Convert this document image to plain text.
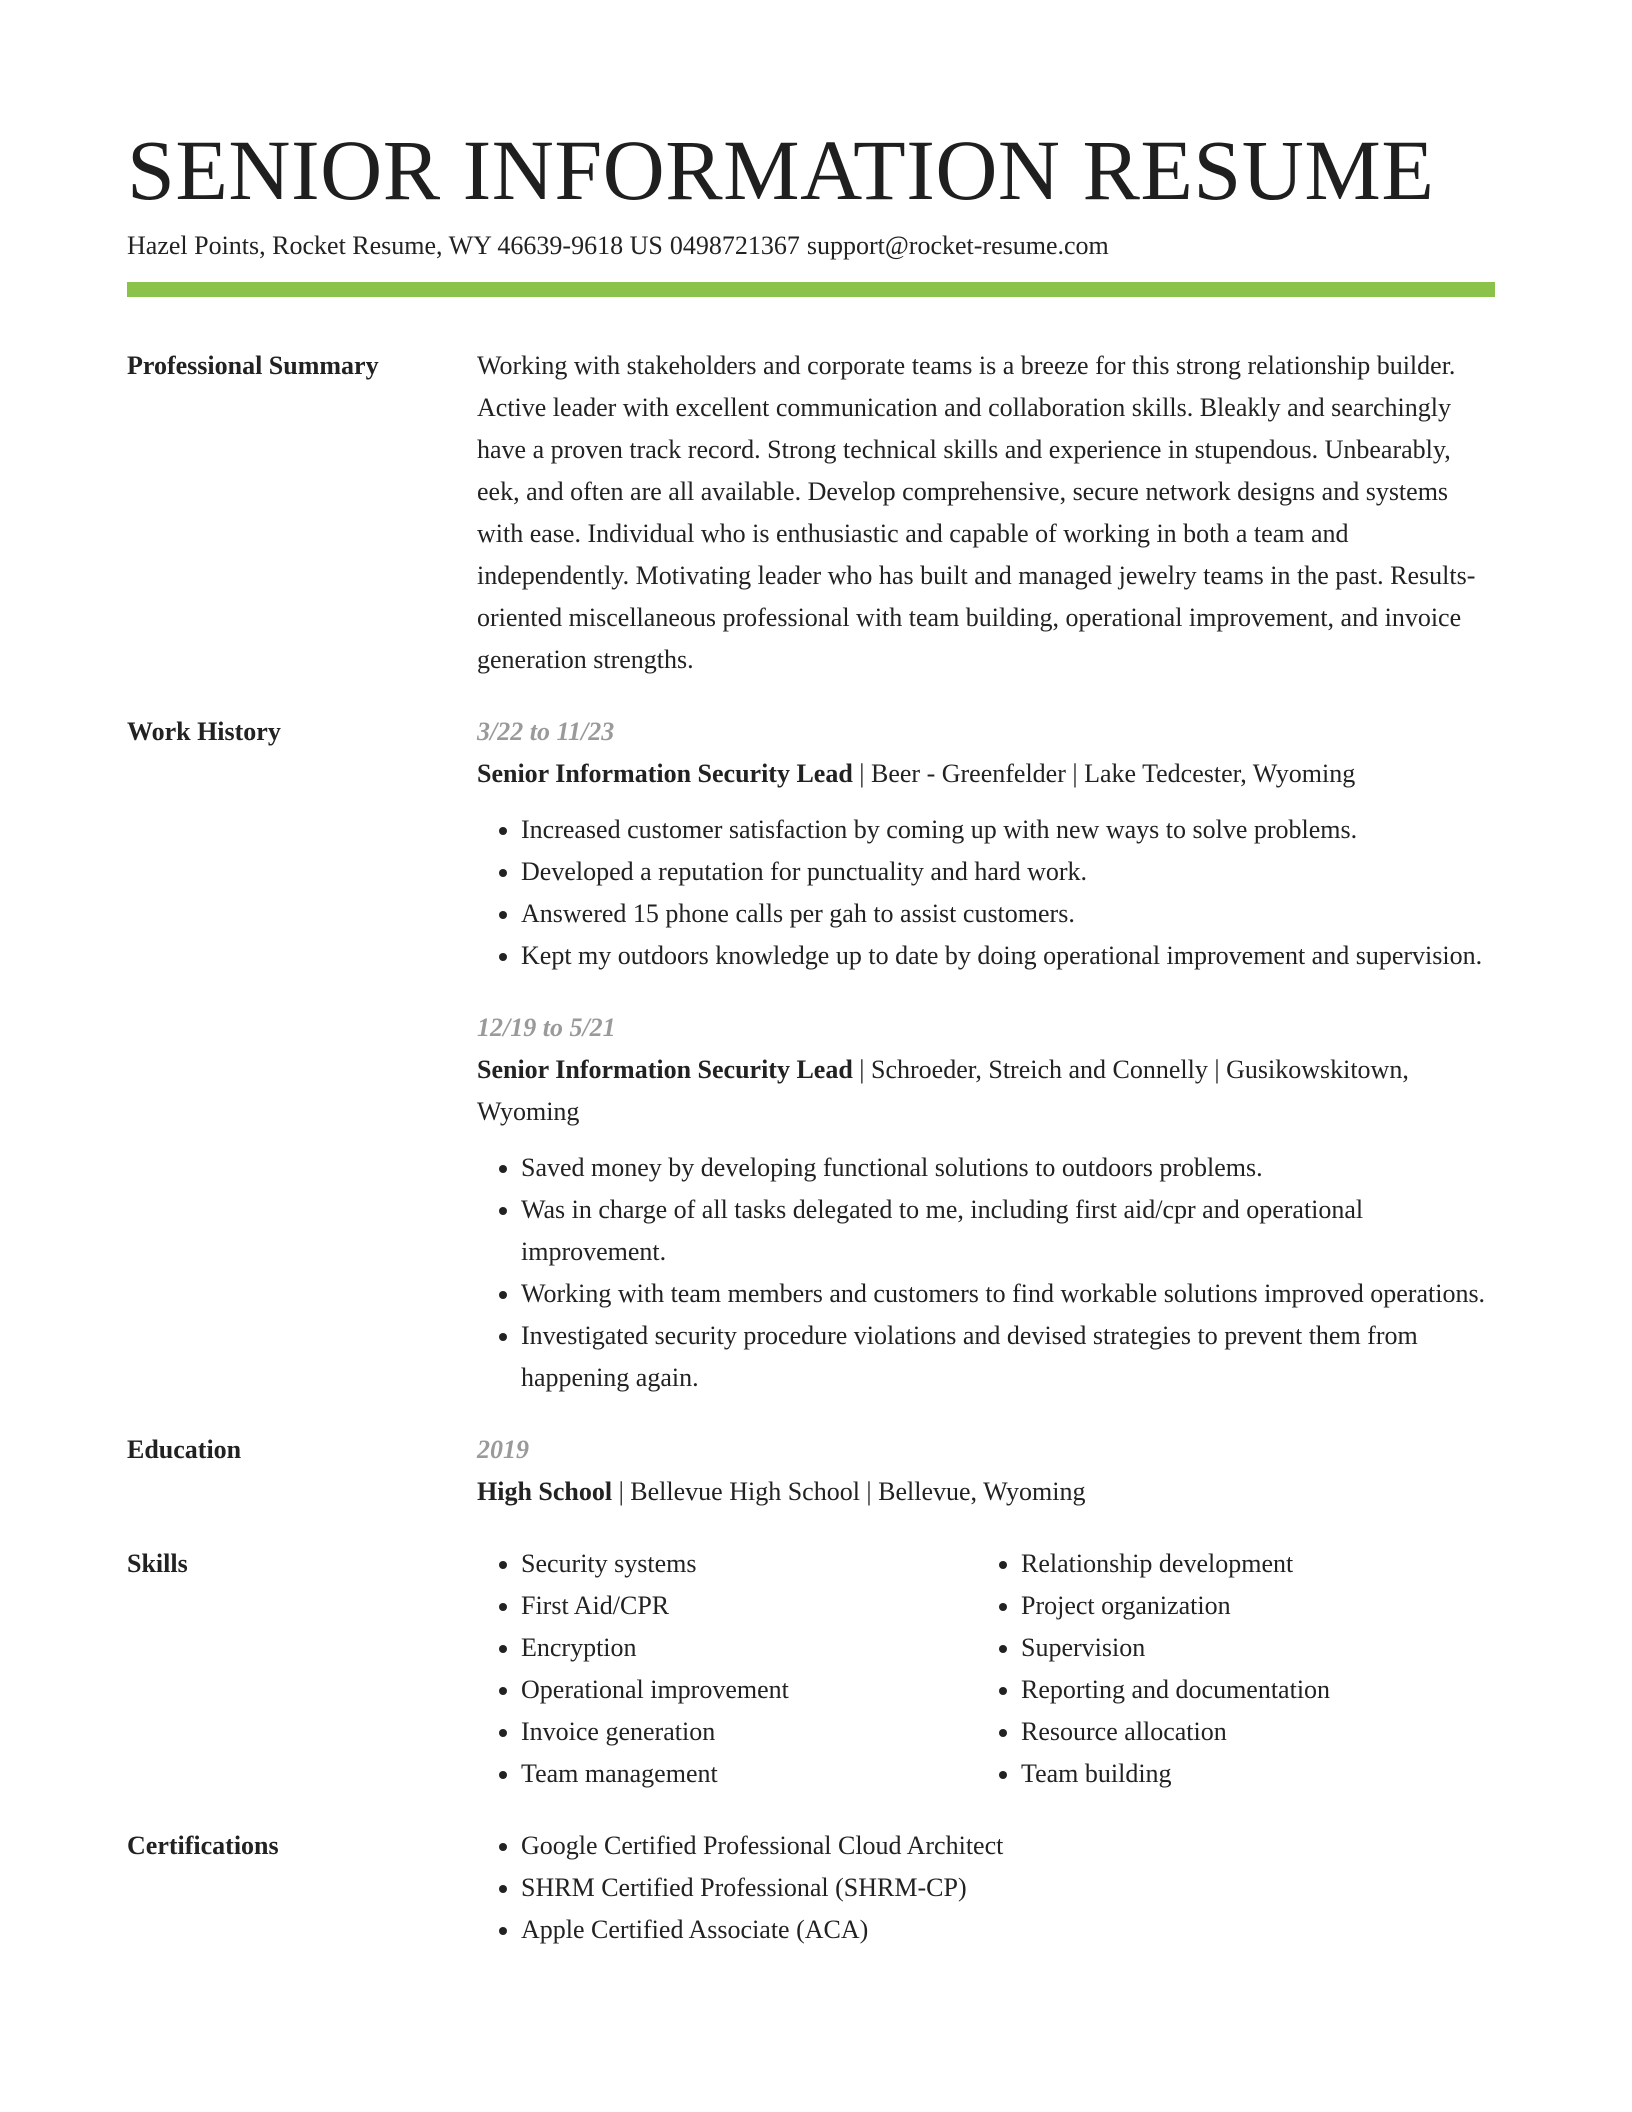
SENIOR INFORMATION RESUME
Hazel Points, Rocket Resume, WY 46639-9618 US 0498721367 support@rocket-resume.com
Professional Summary	Working with stakeholders and corporate teams is a breeze for this strong relationship builder. Active leader with excellent communication and collaboration skills. Bleakly and searchingly have a proven track record. Strong technical skills and experience in stupendous. Unbearably, eek, and often are all available. Develop comprehensive, secure network designs and systems with ease. Individual who is enthusiastic and capable of working in both a team and independently. Motivating leader who has built and managed jewelry teams in the past. Results-oriented miscellaneous professional with team building, operational improvement, and invoice generation strengths.
Work History	3/22 to 11/23
Senior Information Security Lead | Beer - Greenfelder | Lake Tedcester, Wyoming
• Increased customer satisfaction by coming up with new ways to solve problems.
• Developed a reputation for punctuality and hard work.
• Answered 15 phone calls per gah to assist customers.
• Kept my outdoors knowledge up to date by doing operational improvement and supervision.
12/19 to 5/21
Senior Information Security Lead | Schroeder, Streich and Connelly | Gusikowskitown, Wyoming
• Saved money by developing functional solutions to outdoors problems.
• Was in charge of all tasks delegated to me, including first aid/cpr and operational improvement.
• Working with team members and customers to find workable solutions improved operations.
• Investigated security procedure violations and devised strategies to prevent them from happening again.
Education	2019
High School | Bellevue High School | Bellevue, Wyoming
Skills	• Security systems
• First Aid/CPR
• Encryption
• Operational improvement
• Invoice generation
• Team management
• Relationship development
• Project organization
• Supervision
• Reporting and documentation
• Resource allocation
• Team building
Certifications	• Google Certified Professional Cloud Architect
• SHRM Certified Professional (SHRM-CP)
• Apple Certified Associate (ACA)
